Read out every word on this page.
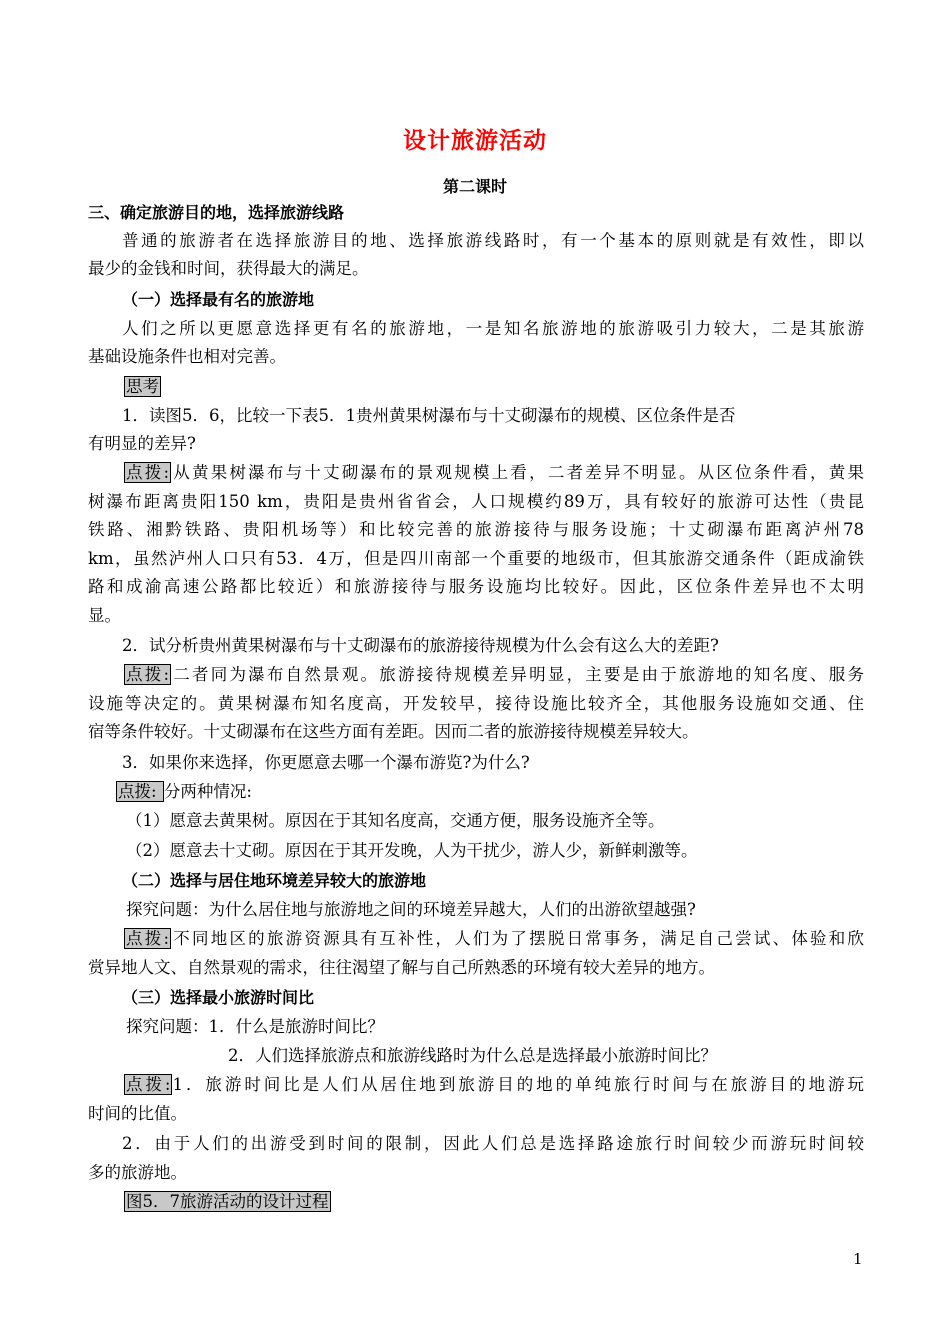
设计旅游活动
第二课时
三、确定旅游目的地，选择旅游线路
普通的旅游者在选择旅游目的地、选择旅游线路时，有一个基本的原则就是有效性，即以
最少的金钱和时间，获得最大的满足。
（一）选择最有名的旅游地
人们之所以更愿意选择更有名的旅游地，一是知名旅游地的旅游吸引力较大，二是其旅游
基础设施条件也相对完善。
思考
1．读图5．6，比较一下表5．1贵州黄果树瀑布与十丈砌瀑布的规模、区位条件是否
有明显的差异?
点拨: 从黄果树瀑布与十丈砌瀑布的景观规模上看，二者差异不明显。从区位条件看，黄果
树瀑布距离贵阳150 km，贵阳是贵州省省会，人口规模约89万，具有较好的旅游可达性（贵昆
铁路、湘黔铁路、贵阳机场等）和比较完善的旅游接待与服务设施；十丈砌瀑布距离泸州78
km，虽然泸州人口只有53．4万，但是四川南部一个重要的地级市，但其旅游交通条件（距成渝铁
路和成渝高速公路都比较近）和旅游接待与服务设施均比较好。因此，区位条件差异也不太明
显。
2．试分析贵州黄果树瀑布与十丈砌瀑布的旅游接待规模为什么会有这么大的差距?
点拨: 二者同为瀑布自然景观。旅游接待规模差异明显，主要是由于旅游地的知名度、服务
设施等决定的。黄果树瀑布知名度高，开发较早，接待设施比较齐全，其他服务设施如交通、住
宿等条件较好。十丈砌瀑布在这些方面有差距。因而二者的旅游接待规模差异较大。
3．如果你来选择，你更愿意去哪一个瀑布游览?为什么?
点拨: 分两种情况:
（1）愿意去黄果树。原因在于其知名度高，交通方便，服务设施齐全等。
（2）愿意去十丈砌。原因在于其开发晚，人为干扰少，游人少，新鲜刺激等。
（二）选择与居住地环境差异较大的旅游地
探究问题：为什么居住地与旅游地之间的环境差异越大，人们的出游欲望越强?
点拨: 不同地区的旅游资源具有互补性，人们为了摆脱日常事务，满足自己尝试、体验和欣
赏异地人文、自然景观的需求，往往渴望了解与自己所熟悉的环境有较大差异的地方。
（三）选择最小旅游时间比
探究问题：1．什么是旅游时间比？
2．人们选择旅游点和旅游线路时为什么总是选择最小旅游时间比？
点拨: 1．旅游时间比是人们从居住地到旅游目的地的单纯旅行时间与在旅游目的地游玩
时间的比值。
2．由于人们的出游受到时间的限制，因此人们总是选择路途旅行时间较少而游玩时间较
多的旅游地。
图5．7旅游活动的设计过程
1
